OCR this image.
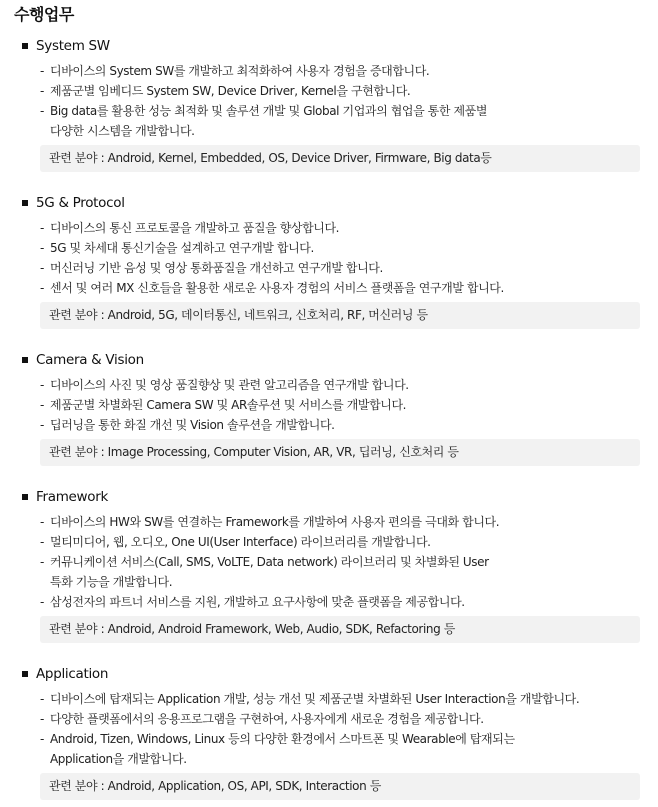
수행업무
System SW
- 디바이스의 System SW를 개발하고 최적화하여 사용자 경험을 증대합니다.
- 제품군별 임베디드 System SW, Device Driver, Kernel을 구현합니다.
- Big data를 활용한 성능 최적화 및 솔루션 개발 및 Global 기업과의 협업을 통한 제품별
다양한 시스템을 개발합니다.
관련 분야 : Android, Kernel, Embedded, OS, Device Driver, Firmware, Big data등
5G & Protocol
- 디바이스의 통신 프로토콜을 개발하고 품질을 향상합니다.
- 5G 및 차세대 통신기술을 설계하고 연구개발 합니다.
- 머신러닝 기반 음성 및 영상 통화품질을 개선하고 연구개발 합니다.
- 센서 및 여러 MX 신호들을 활용한 새로운 사용자 경험의 서비스 플랫폼을 연구개발 합니다.
관련 분야 : Android, 5G, 데이터통신, 네트워크, 신호처리, RF, 머신러닝 등
Camera & Vision
- 디바이스의 사진 및 영상 품질향상 및 관련 알고리즘을 연구개발 합니다.
- 제품군별 차별화된 Camera SW 및 AR솔루션 및 서비스를 개발합니다.
- 딥러닝을 통한 화질 개선 및 Vision 솔루션을 개발합니다.
관련 분야 : Image Processing, Computer Vision, AR, VR, 딥러닝, 신호처리 등
Framework
- 디바이스의 HW와 SW를 연결하는 Framework를 개발하여 사용자 편의를 극대화 합니다.
- 멀티미디어, 웹, 오디오, One UI(User Interface) 라이브러리를 개발합니다.
- 커뮤니케이션 서비스(Call, SMS, VoLTE, Data network) 라이브러리 및 차별화된 User
특화 기능을 개발합니다.
- 삼성전자의 파트너 서비스를 지원, 개발하고 요구사항에 맞춘 플랫폼을 제공합니다.
관련 분야 : Android, Android Framework, Web, Audio, SDK, Refactoring 등
Application
- 디바이스에 탑재되는 Application 개발, 성능 개선 및 제품군별 차별화된 User Interaction을 개발합니다.
- 다양한 플랫폼에서의 응용프로그램을 구현하여, 사용자에게 새로운 경험을 제공합니다.
- Android, Tizen, Windows, Linux 등의 다양한 환경에서 스마트폰 및 Wearable에 탑재되는
Application을 개발합니다.
관련 분야 : Android, Application, OS, API, SDK, Interaction 등
